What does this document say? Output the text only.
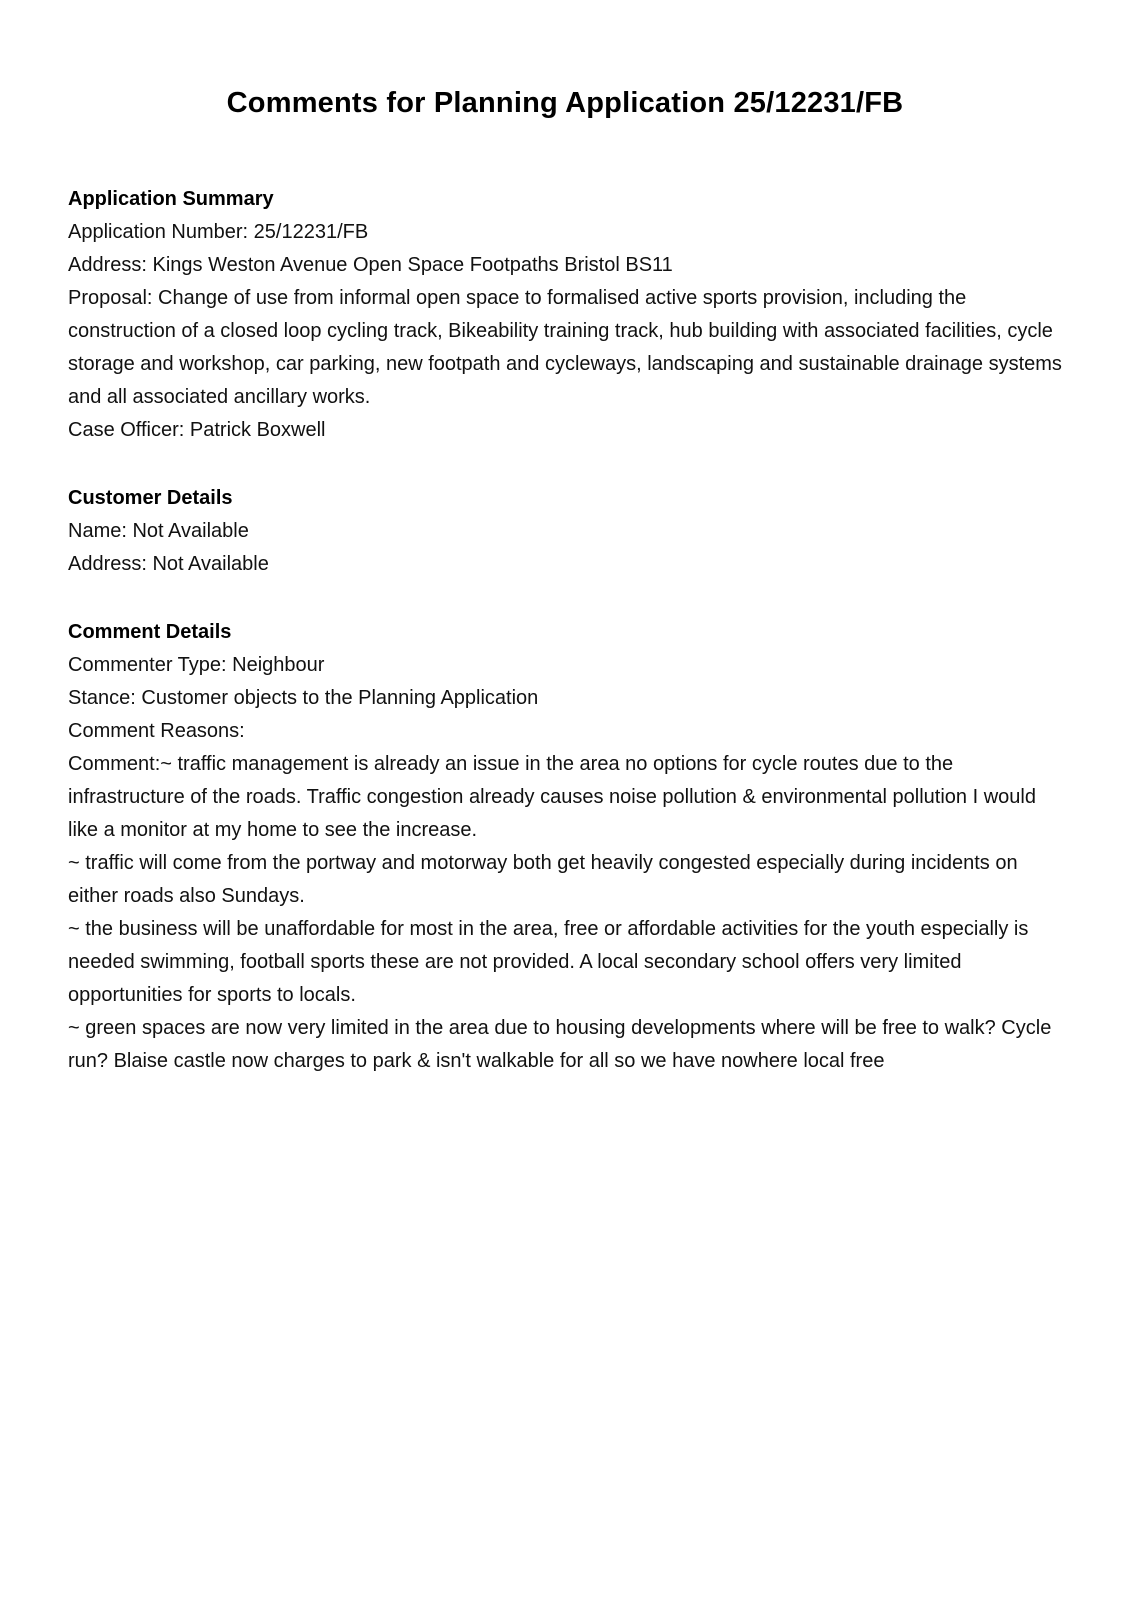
Comments for Planning Application 25/12231/FB
Application Summary

Application Number: 25/12231/FB

Address: Kings Weston Avenue Open Space Footpaths Bristol BS11

Proposal: Change of use from informal open space to formalised active sports provision, including the construction of a closed loop cycling track, Bikeability training track, hub building with associated facilities, cycle storage and workshop, car parking, new footpath and cycleways, landscaping and sustainable drainage systems and all associated ancillary works.

Case Officer: Patrick Boxwell

Customer Details

Name: Not Available

Address: Not Available

Comment Details

Commenter Type: Neighbour

Stance: Customer objects to the Planning Application

Comment Reasons:

Comment:~ traffic management is already an issue in the area no options for cycle routes due to the infrastructure of the roads. Traffic congestion already causes noise pollution & environmental pollution I would like a monitor at my home to see the increase.

~ traffic will come from the portway and motorway both get heavily congested especially during incidents on either roads also Sundays.

~ the business will be unaffordable for most in the area, free or affordable activities for the youth especially is needed swimming, football sports these are not provided. A local secondary school offers very limited opportunities for sports to locals.

~ green spaces are now very limited in the area due to housing developments where will be free to walk? Cycle run? Blaise castle now charges to park & isn't walkable for all so we have nowhere local free
